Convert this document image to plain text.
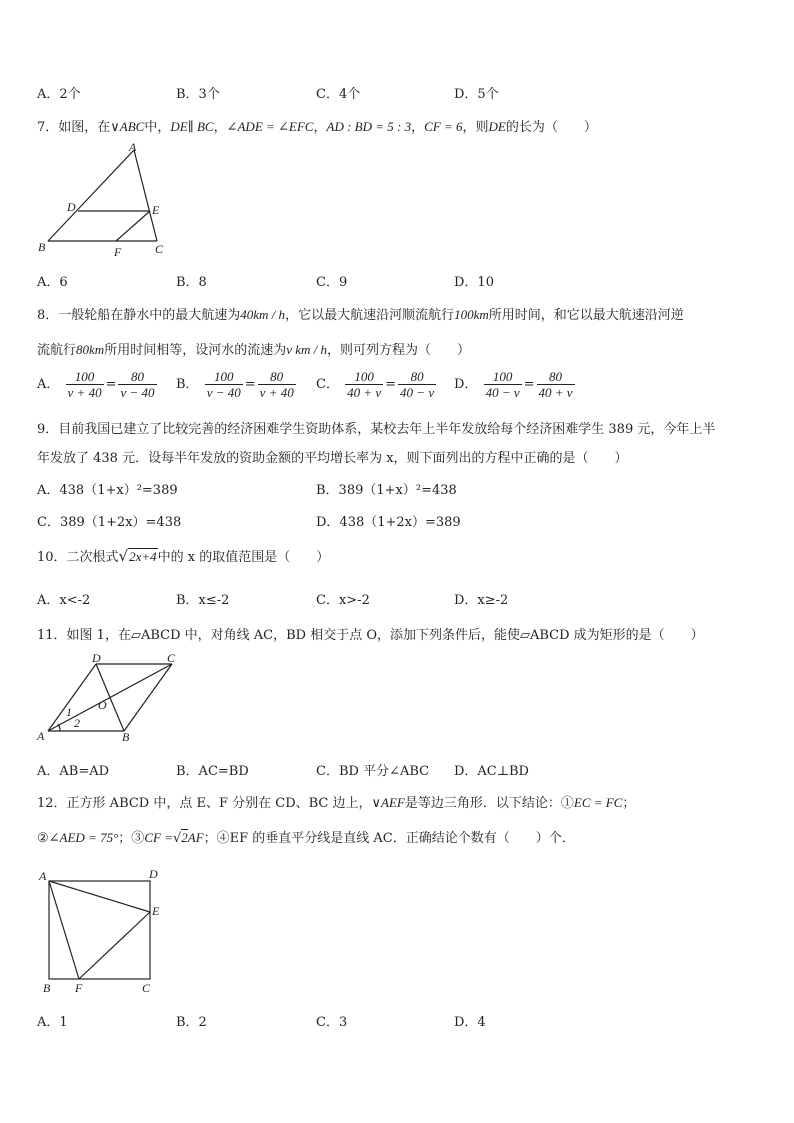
A．2个	B．3个	C．4个	D．5个
7．如图，在∨ABC中，DE∥ BC，∠ADE = ∠EFC，AD : BD = 5 : 3，CF = 6，则DE的长为（　　）
A
D	E
B	F	C
A．6	B．8	C．9	D．10
8．一般轮船在静水中的最大航速为40km / h，它以最大航速沿河顺流航行100km所用时间，和它以最大航速沿河逆
流航行80km所用时间相等，设河水的流速为v km / h，则可列方程为（　　）
A． $\frac{100}{v + 40} = \frac{80}{v - 40}$ B． $\frac{100}{v - 40} = \frac{80}{v + 40}$ C． $\frac{100}{40 + v} = \frac{80}{40 - v}$ D． $\frac{100}{40 - v} = \frac{80}{40 + v}$
9．目前我国已建立了比较完善的经济困难学生资助体系，某校去年上半年发放给每个经济困难学生 389 元，今年上半
年发放了 438 元．设每半年发放的资助金额的平均增长率为 x，则下面列出的方程中正确的是（　　）
A．438（1+x）²=389	B．389（1+x）²=438
C．389（1+2x）=438	D．438（1+2x）=389
10．二次根式√2x+4中的 x 的取值范围是（　　）
A．x<-2	B．x≤-2	C．x>-2	D．x≥-2
11．如图 1，在▱ABCD 中，对角线 AC，BD 相交于点 O，添加下列条件后，能使▱ABCD 成为矩形的是（　　）
D	C
O
1
2
A	B
A．AB=AD	B．AC=BD	C．BD 平分∠ABC D．AC⊥BD
12．正方形 ABCD 中，点 E、F 分别在 CD、BC 边上，∨AEF是等边三角形．以下结论：①EC = FC；
②∠AED = 75°；③CF =√2AF；④EF 的垂直平分线是直线 AC．正确结论个数有（　　）个．
A	D
E
B F	C
A．1	B．2	C．3	D．4
